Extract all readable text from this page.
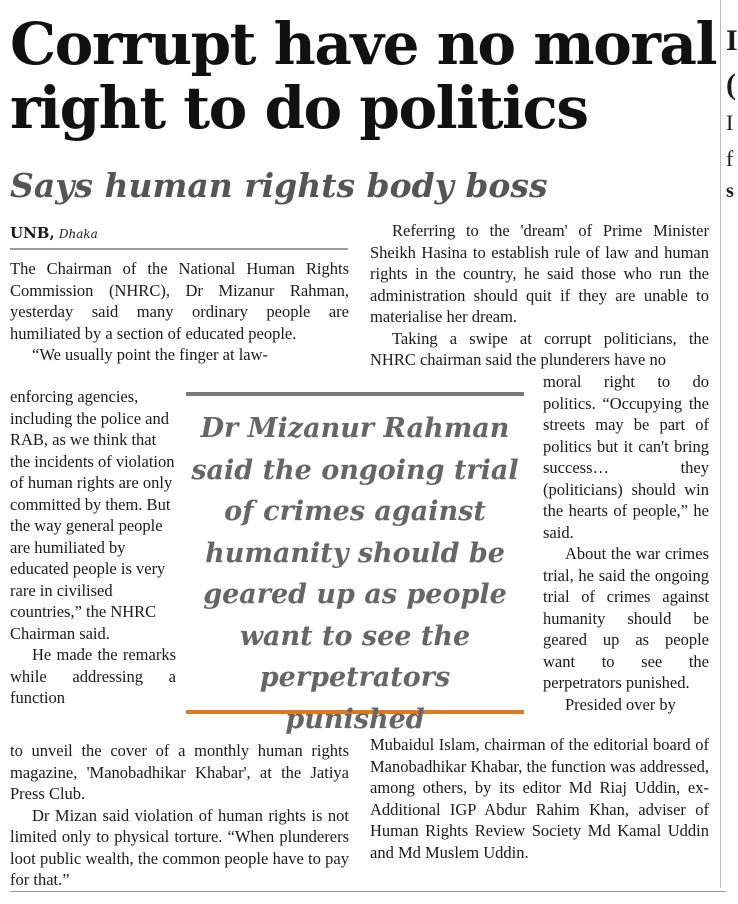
Corrupt have no moral
right to do politics
Says human rights body boss
UNB, Dhaka

The Chairman of the National Human Rights Commission (NHRC), Dr Mizanur Rahman, yesterday said many ordinary people are humiliated by a section of educated people.

“We usually point the finger at law-

enforcing agencies, including the police and RAB, as we think that the incidents of violation of human rights are only committed by them. But the way general people are humiliated by educated people is very rare in civilised countries,” the NHRC Chairman said.

He made the remarks while addressing a function

to unveil the cover of a monthly human rights magazine, 'Manobadhikar Khabar', at the Jatiya Press Club.

Dr Mizan said violation of human rights is not limited only to physical torture. “When plunderers loot public wealth, the common people have to pay for that.”

Dr Mizanur Rahman said the ongoing trial of crimes against humanity should be geared up as people want to see the perpetrators punished

Referring to the 'dream' of Prime Minister Sheikh Hasina to establish rule of law and human rights in the country, he said those who run the administration should quit if they are unable to materialise her dream.

Taking a swipe at corrupt politicians, the NHRC chairman said the plunderers have no

moral right to do politics. “Occupying the streets may be part of politics but it can't bring success… they (politicians) should win the hearts of people,” he said.

About the war crimes trial, he said the ongoing trial of crimes against humanity should be geared up as people want to see the perpetrators punished.

Presided over by

Mubaidul Islam, chairman of the editorial board of Manobadhikar Khabar, the function was addressed, among others, by its editor Md Riaj Uddin, ex-Additional IGP Abdur Rahim Khan, adviser of Human Rights Review Society Md Kamal Uddin and Md Muslem Uddin.

I
(
I
f
s
